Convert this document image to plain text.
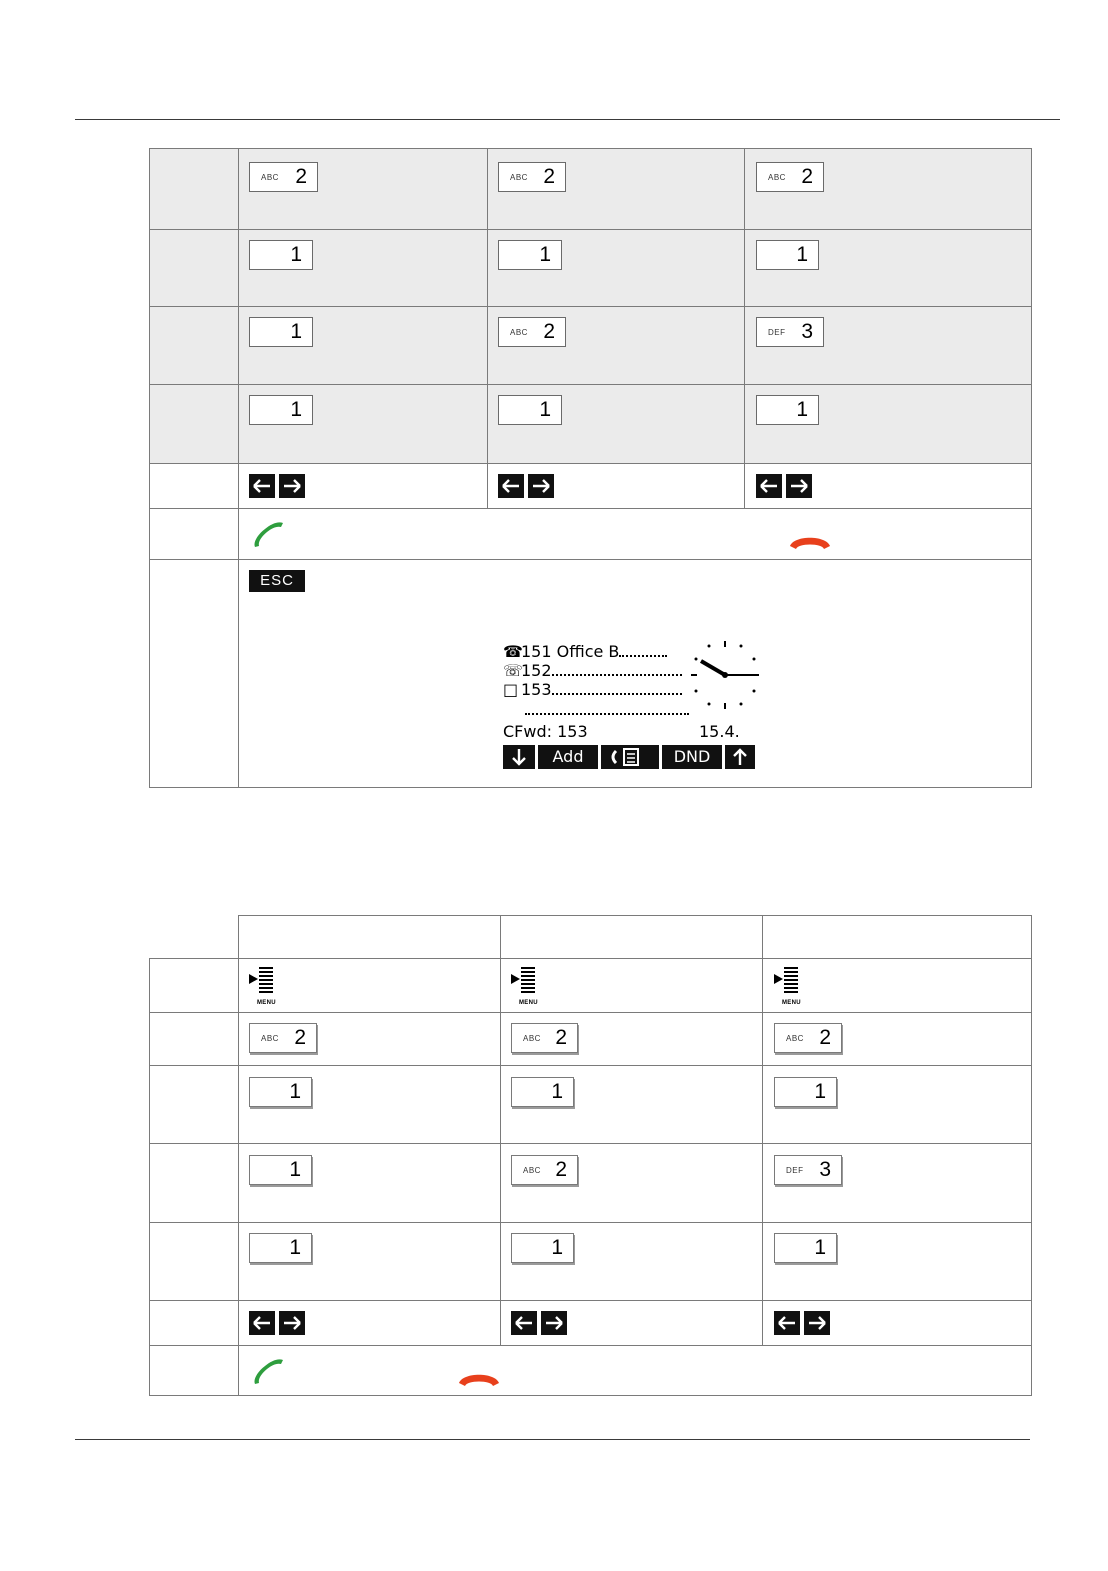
	ABC 2	ABC 2	ABC 2

	1	1	1

	1	ABC 2	DEF 3

	1	1	1

	ESC		
☎151 Office B
☏152
□ 153
CFwd: 153	15.4.
Add	DND

	MENU	MENU	MENU

	ABC 2	ABC 2	ABC 2

	1	1	1

	1	ABC 2	DEF 3

	1	1	1
